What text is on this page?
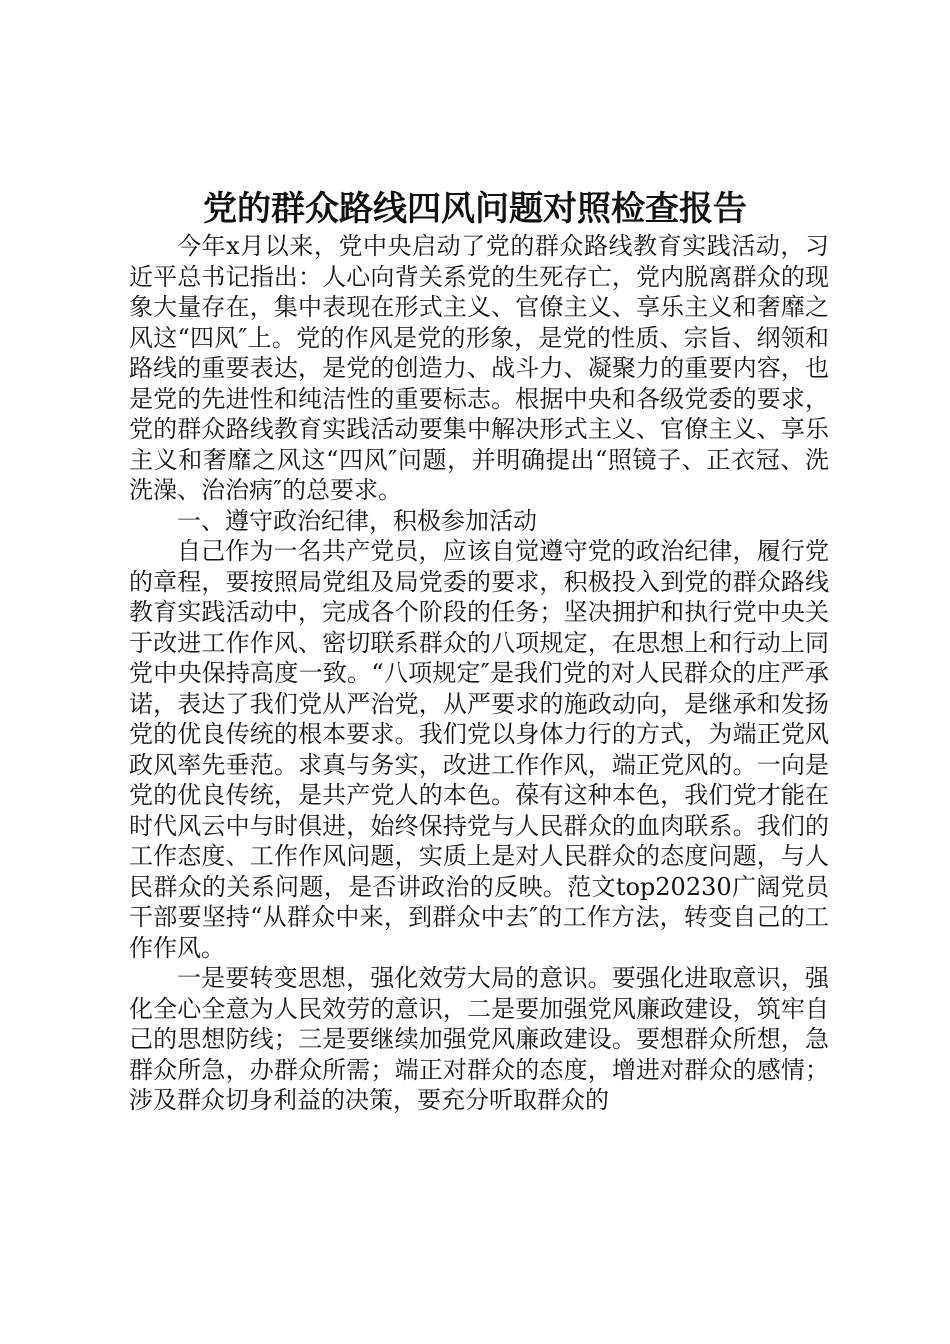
党的群众路线四风问题对照检查报告

今年x月以来，党中央启动了党的群众路线教育实践活动，习近平总书记指出：人心向背关系党的生死存亡，党内脱离群众的现象大量存在，集中表现在形式主义、官僚主义、享乐主义和奢靡之风这“四风″上。党的作风是党的形象，是党的性质、宗旨、纲领和路线的重要表达，是党的创造力、战斗力、凝聚力的重要内容，也是党的先进性和纯洁性的重要标志。根据中央和各级党委的要求，党的群众路线教育实践活动要集中解决形式主义、官僚主义、享乐主义和奢靡之风这“四风″问题，并明确提出“照镜子、正衣冠、洗洗澡、治治病″的总要求。

一、遵守政治纪律，积极参加活动

自己作为一名共产党员，应该自觉遵守党的政治纪律，履行党的章程，要按照局党组及局党委的要求，积极投入到党的群众路线教育实践活动中，完成各个阶段的任务；坚决拥护和执行党中央关于改进工作作风、密切联系群众的八项规定，在思想上和行动上同党中央保持高度一致。“八项规定″是我们党的对人民群众的庄严承诺，表达了我们党从严治党，从严要求的施政动向，是继承和发扬党的优良传统的根本要求。我们党以身体力行的方式，为端正党风政风率先垂范。求真与务实，改进工作作风，端正党风的。一向是党的优良传统，是共产党人的本色。葆有这种本色，我们党才能在时代风云中与时俱进，始终保持党与人民群众的血肉联系。我们的工作态度、工作作风问题，实质上是对人民群众的态度问题，与人民群众的关系问题，是否讲政治的反映。范文top20230广阔党员干部要坚持“从群众中来，到群众中去″的工作方法，转变自己的工作作风。

一是要转变思想，强化效劳大局的意识。要强化进取意识，强化全心全意为人民效劳的意识，二是要加强党风廉政建设，筑牢自己的思想防线；三是要继续加强党风廉政建设。要想群众所想，急群众所急，办群众所需；端正对群众的态度，增进对群众的感情；涉及群众切身利益的决策，要充分听取群众的
